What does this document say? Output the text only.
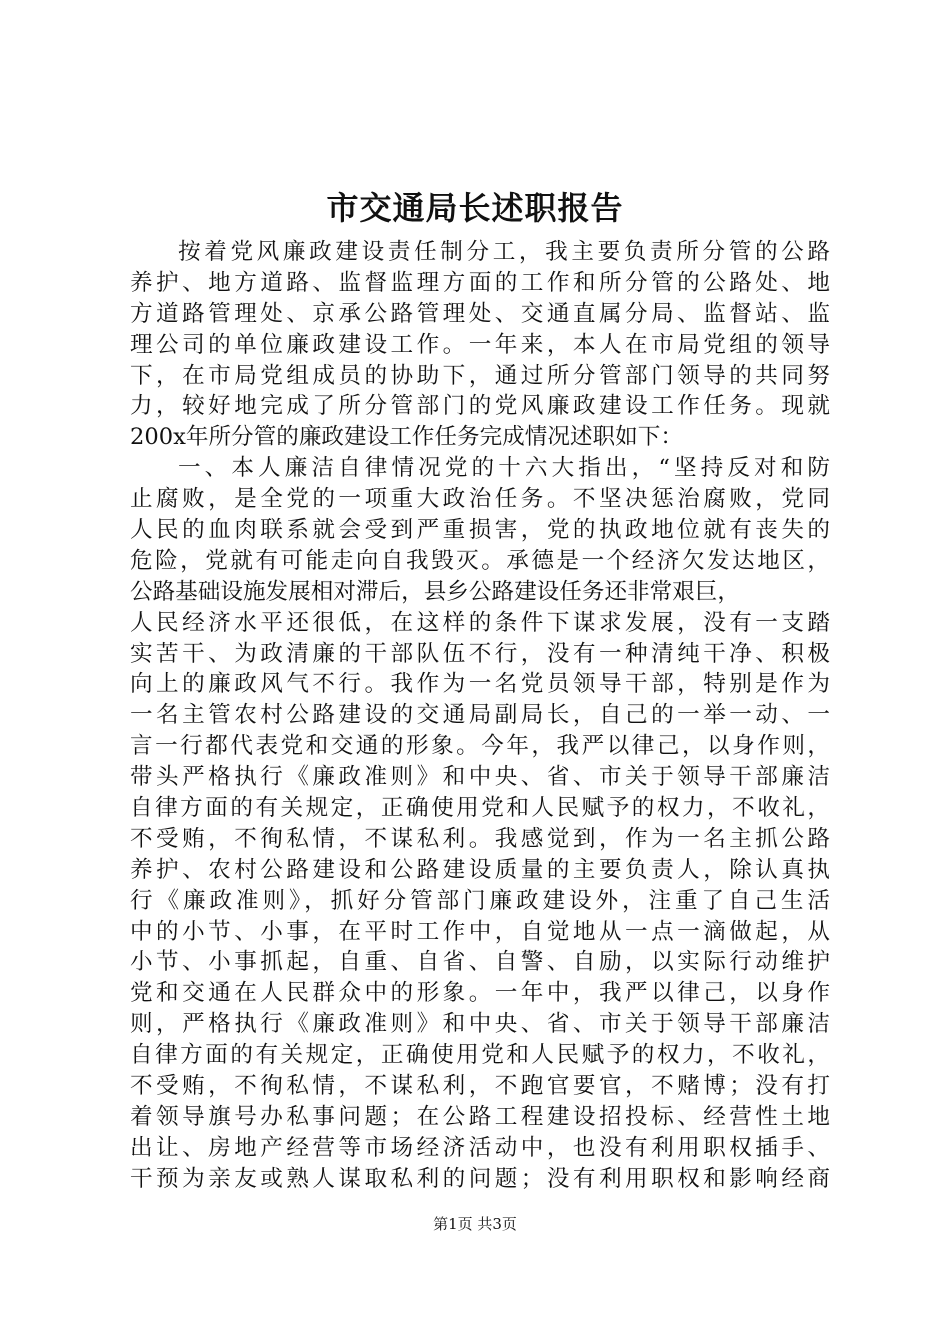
市交通局长述职报告
按着党风廉政建设责任制分工，我主要负责所分管的公路
养护、地方道路、监督监理方面的工作和所分管的公路处、地
方道路管理处、京承公路管理处、交通直属分局、监督站、监
理公司的单位廉政建设工作。一年来，本人在市局党组的领导
下，在市局党组成员的协助下，通过所分管部门领导的共同努
力，较好地完成了所分管部门的党风廉政建设工作任务。现就
200x年所分管的廉政建设工作任务完成情况述职如下：
一、本人廉洁自律情况党的十六大指出，“坚持反对和防
止腐败，是全党的一项重大政治任务。不坚决惩治腐败，党同
人民的血肉联系就会受到严重损害，党的执政地位就有丧失的
危险，党就有可能走向自我毁灭。承德是一个经济欠发达地区，
公路基础设施发展相对滞后，县乡公路建设任务还非常艰巨，
人民经济水平还很低，在这样的条件下谋求发展，没有一支踏
实苦干、为政清廉的干部队伍不行，没有一种清纯干净、积极
向上的廉政风气不行。我作为一名党员领导干部，特别是作为
一名主管农村公路建设的交通局副局长，自己的一举一动、一
言一行都代表党和交通的形象。今年，我严以律己，以身作则，
带头严格执行《廉政准则》和中央、省、市关于领导干部廉洁
自律方面的有关规定，正确使用党和人民赋予的权力，不收礼，
不受贿，不徇私情，不谋私利。我感觉到，作为一名主抓公路
养护、农村公路建设和公路建设质量的主要负责人，除认真执
行《廉政准则》，抓好分管部门廉政建设外，注重了自己生活
中的小节、小事，在平时工作中，自觉地从一点一滴做起，从
小节、小事抓起，自重、自省、自警、自励，以实际行动维护
党和交通在人民群众中的形象。一年中，我严以律己，以身作
则，严格执行《廉政准则》和中央、省、市关于领导干部廉洁
自律方面的有关规定，正确使用党和人民赋予的权力，不收礼，
不受贿，不徇私情，不谋私利，不跑官要官，不赌博；没有打
着领导旗号办私事问题；在公路工程建设招投标、经营性土地
出让、房地产经营等市场经济活动中，也没有利用职权插手、
干预为亲友或熟人谋取私利的问题；没有利用职权和影响经商
第1页 共3页
